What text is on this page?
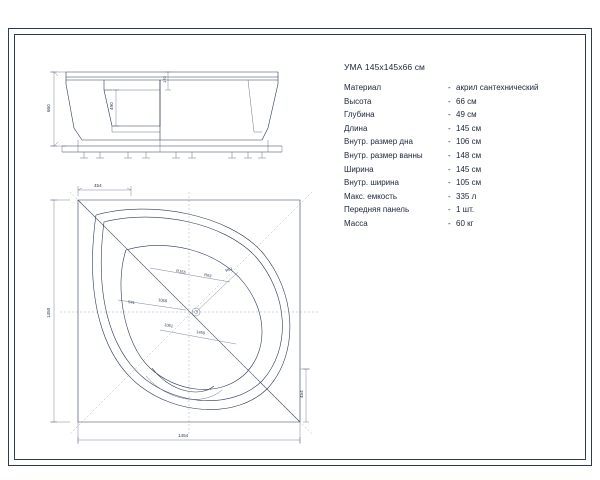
660	490
170
R155	R61
R63
541	1050
1061
1450
454
1450
1454
454
УМА 145x145x66 см
Материал	- акрил сантехнический
Высота	- 66 см
Глубина	- 49 см
Длина	- 145 см
Внутр. размер дна	- 106 см
Внутр. размер ванны	- 148 см
Ширина	- 145 см
Внутр. ширина	- 105 см
Макс. емкость	- 335 л
Передняя панель	- 1 шт.
Масса	- 60 кг
